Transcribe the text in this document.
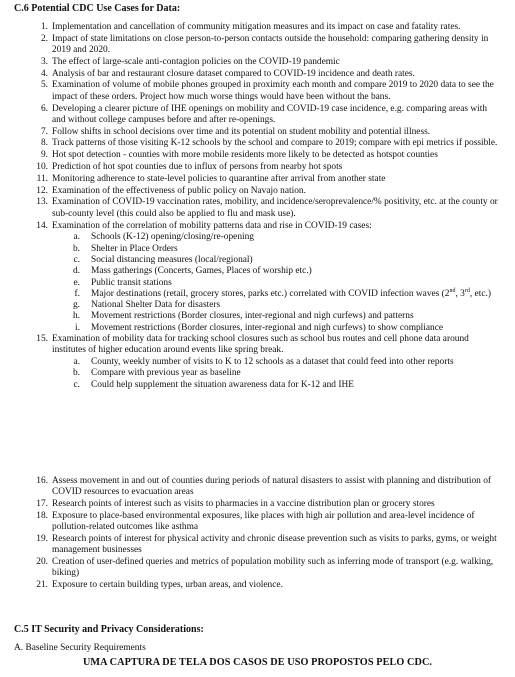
C.6 Potential CDC Use Cases for Data:
1. Implementation and cancellation of community mitigation measures and its impact on case and fatality rates.
2. Impact of state limitations on close person-to-person contacts outside the household: comparing gathering density in 2019 and 2020.
3. The effect of large-scale anti-contagion policies on the COVID-19 pandemic
4. Analysis of bar and restaurant closure dataset compared to COVID-19 incidence and death rates.
5. Examination of volume of mobile phones grouped in proximity each month and compare 2019 to 2020 data to see the impact of these orders. Project how much worse things would have been without the bans.
6. Developing a clearer picture of IHE openings on mobility and COVID-19 case incidence, e.g. comparing areas with and without college campuses before and after re-openings.
7. Follow shifts in school decisions over time and its potential on student mobility and potential illness.
8. Track patterns of those visiting K-12 schools by the school and compare to 2019; compare with epi metrics if possible.
9. Hot spot detection - counties with more mobile residents more likely to be detected as hotspot counties
10. Prediction of hot spot counties due to influx of persons from nearby hot spots
11. Monitoring adherence to state-level policies to quarantine after arrival from another state
12. Examination of the effectiveness of public policy on Navajo nation.
13. Examination of COVID-19 vaccination rates, mobility, and incidence/seroprevalence/% positivity, etc. at the county or sub-county level (this could also be applied to flu and mask use).
14. Examination of the correlation of mobility patterns data and rise in COVID-19 cases:
a. Schools (K-12) opening/closing/re-opening
b. Shelter in Place Orders
c. Social distancing measures (local/regional)
d. Mass gatherings (Concerts, Games, Places of worship etc.)
e. Public transit stations
f. Major destinations (retail, grocery stores, parks etc.) correlated with COVID infection waves (2nd, 3rd, etc.)
g. National Shelter Data for disasters
h. Movement restrictions (Border closures, inter-regional and nigh curfews) and patterns
i. Movement restrictions (Border closures, inter-regional and nigh curfews) to show compliance
15. Examination of mobility data for tracking school closures such as school bus routes and cell phone data around institutes of higher education around events like spring break.
a. County, weekly number of visits to K to 12 schools as a dataset that could feed into other reports
b. Compare with previous year as baseline
c. Could help supplement the situation awareness data for K-12 and IHE
16. Assess movement in and out of counties during periods of natural disasters to assist with planning and distribution of COVID resources to evacuation areas
17. Research points of interest such as visits to pharmacies in a vaccine distribution plan or grocery stores
18. Exposure to place-based environmental exposures, like places with high air pollution and area-level incidence of pollution-related outcomes like asthma
19. Research points of interest for physical activity and chronic disease prevention such as visits to parks, gyms, or weight management businesses
20. Creation of user-defined queries and metrics of population mobility such as inferring mode of transport (e.g. walking, biking)
21. Exposure to certain building types, urban areas, and violence.
C.5 IT Security and Privacy Considerations:
A. Baseline Security Requirements
UMA CAPTURA DE TELA DOS CASOS DE USO PROPOSTOS PELO CDC.
